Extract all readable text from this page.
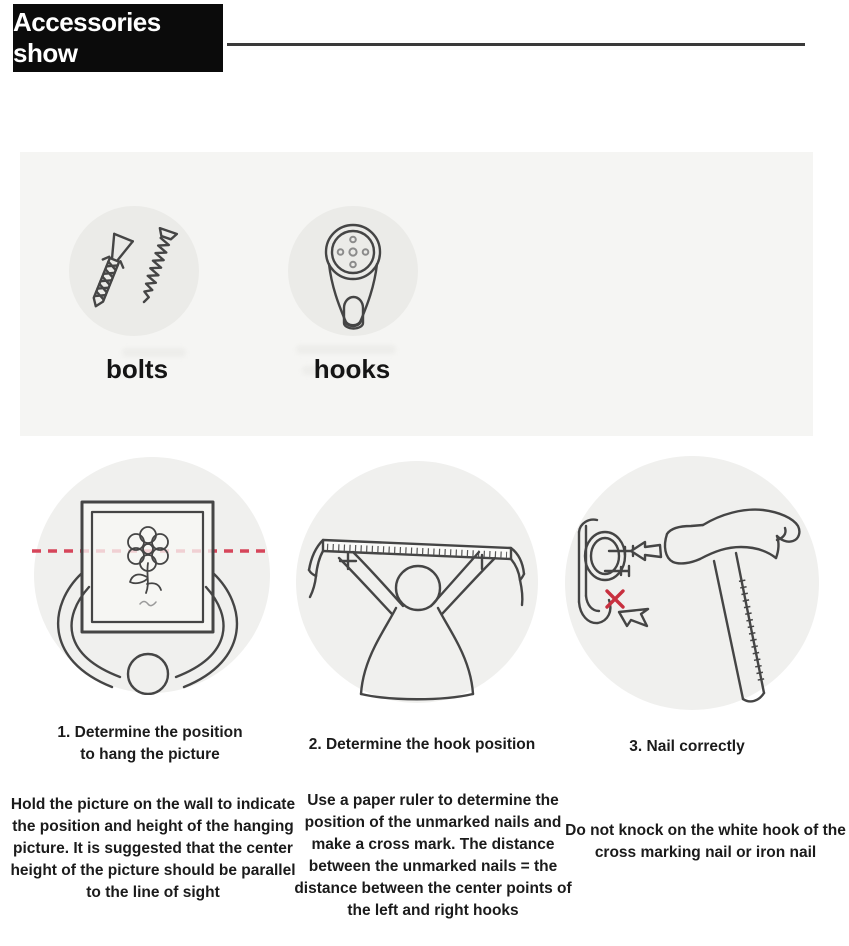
Accessories show
bolts	hooks
1. Determine the position to hang the picture
2. Determine the hook position	3. Nail correctly
Hold the picture on the wall to indicate the position and height of the hanging picture. It is suggested that the center height of the picture should be parallel to the line of sight
Use a paper ruler to determine the position of the unmarked nails and make a cross mark. The distance between the unmarked nails = the distance between the center points of the left and right hooks
Do not knock on the white hook of the cross marking nail or iron nail
